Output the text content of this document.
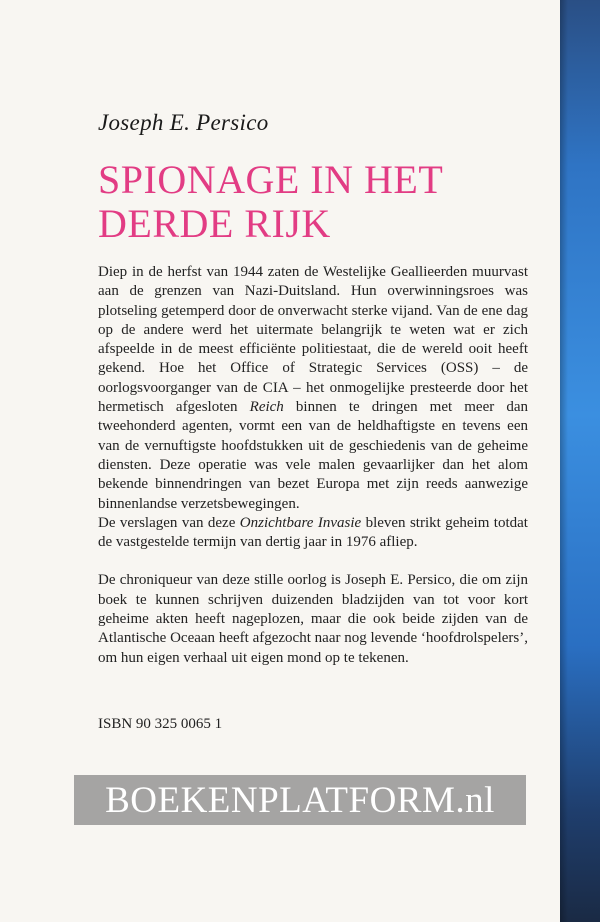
Joseph E. Persico
SPIONAGE IN HET
DERDE RIJK

Diep in de herfst van 1944 zaten de Westelijke Geallieerden muurvast aan de grenzen van Nazi-Duitsland. Hun overwinningsroes was plotseling getemperd door de onverwacht sterke vijand. Van de ene dag op de andere werd het uitermate belangrijk te weten wat er zich afspeelde in de meest efficiënte politiestaat, die de wereld ooit heeft gekend. Hoe het Office of Strategic Services (OSS) – de oorlogsvoorganger van de CIA – het onmogelijke presteerde door het hermetisch afgesloten Reich binnen te dringen met meer dan tweehonderd agenten, vormt een van de heldhaftigste en tevens een van de vernuftigste hoofdstukken uit de geschiedenis van de geheime diensten. Deze operatie was vele malen gevaarlijker dan het alom bekende binnendringen van bezet Europa met zijn reeds aanwezige binnenlandse verzetsbewegingen.

De verslagen van deze Onzichtbare Invasie bleven strikt geheim totdat de vastgestelde termijn van dertig jaar in 1976 afliep.

De chroniqueur van deze stille oorlog is Joseph E. Persico, die om zijn boek te kunnen schrijven duizenden bladzijden van tot voor kort geheime akten heeft nageplozen, maar die ook beide zijden van de Atlantische Oceaan heeft afgezocht naar nog levende ‘hoofdrolspelers’, om hun eigen verhaal uit eigen mond op te tekenen.

ISBN 90 325 0065 1
BOEKENPLATFORM.nl
